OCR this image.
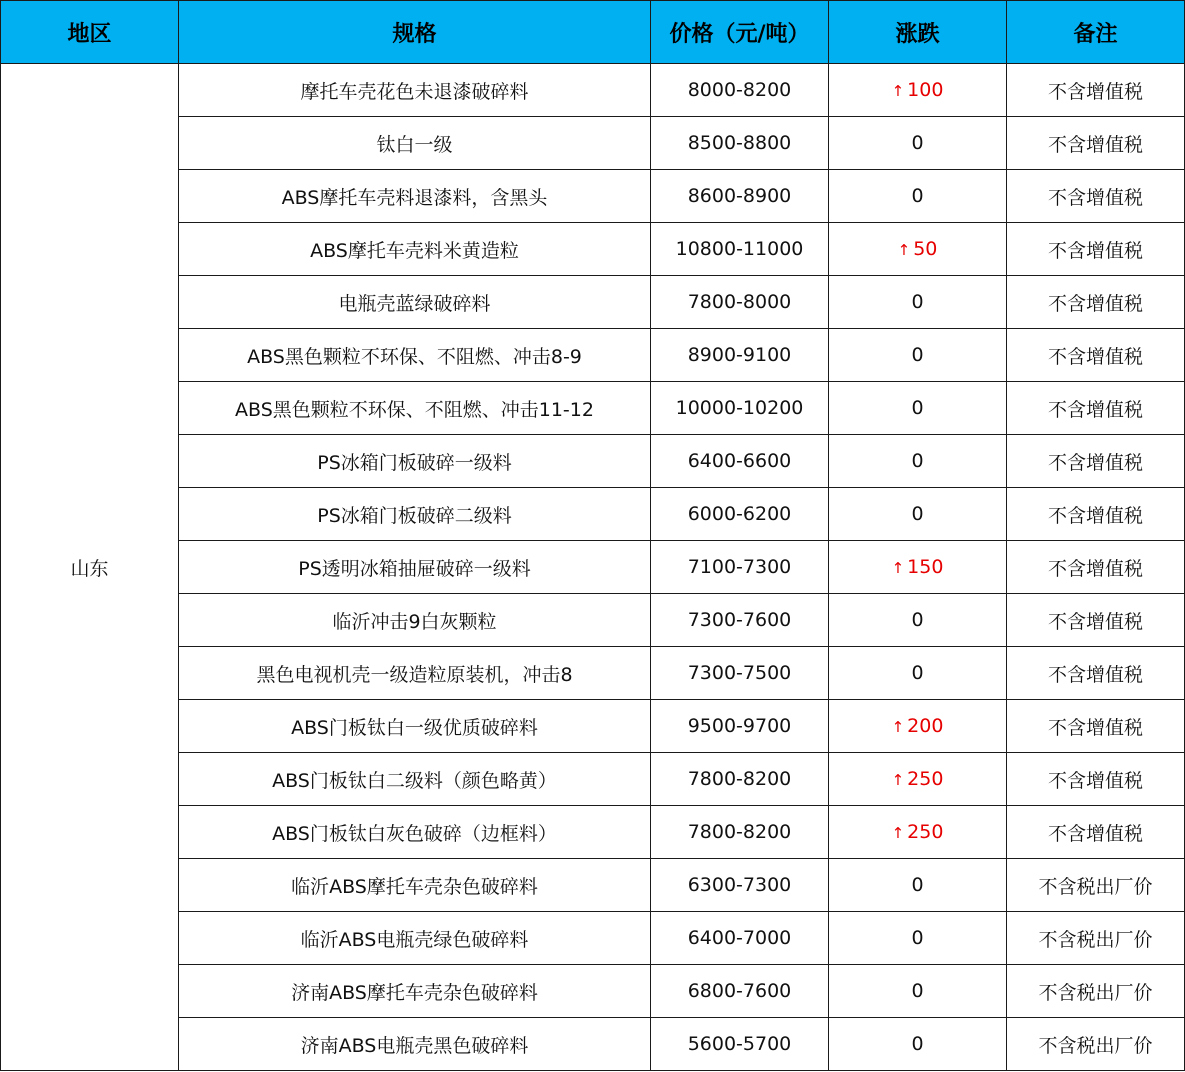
地区	规格	价格（元/吨）	涨跌	备注
山东	摩托车壳花色未退漆破碎料	8000-8200	↑ 100	不含增值税
	钛白一级	8500-8800	0	不含增值税
	ABS摩托车壳料退漆料，含黑头	8600-8900	0	不含增值税
	ABS摩托车壳料米黄造粒	10800-11000	↑ 50	不含增值税
	电瓶壳蓝绿破碎料	7800-8000	0	不含增值税
	ABS黑色颗粒不环保、不阻燃、冲击8-9	8900-9100	0	不含增值税
	ABS黑色颗粒不环保、不阻燃、冲击11-12	10000-10200	0	不含增值税
	PS冰箱门板破碎一级料	6400-6600	0	不含增值税
	PS冰箱门板破碎二级料	6000-6200	0	不含增值税
	PS透明冰箱抽屉破碎一级料	7100-7300	↑ 150	不含增值税
	临沂冲击9白灰颗粒	7300-7600	0	不含增值税
	黑色电视机壳一级造粒原装机，冲击8	7300-7500	0	不含增值税
	ABS门板钛白一级优质破碎料	9500-9700	↑ 200	不含增值税
	ABS门板钛白二级料（颜色略黄）	7800-8200	↑ 250	不含增值税
	ABS门板钛白灰色破碎（边框料）	7800-8200	↑ 250	不含增值税
	临沂ABS摩托车壳杂色破碎料	6300-7300	0	不含税出厂价
	临沂ABS电瓶壳绿色破碎料	6400-7000	0	不含税出厂价
	济南ABS摩托车壳杂色破碎料	6800-7600	0	不含税出厂价
	济南ABS电瓶壳黑色破碎料	5600-5700	0	不含税出厂价
